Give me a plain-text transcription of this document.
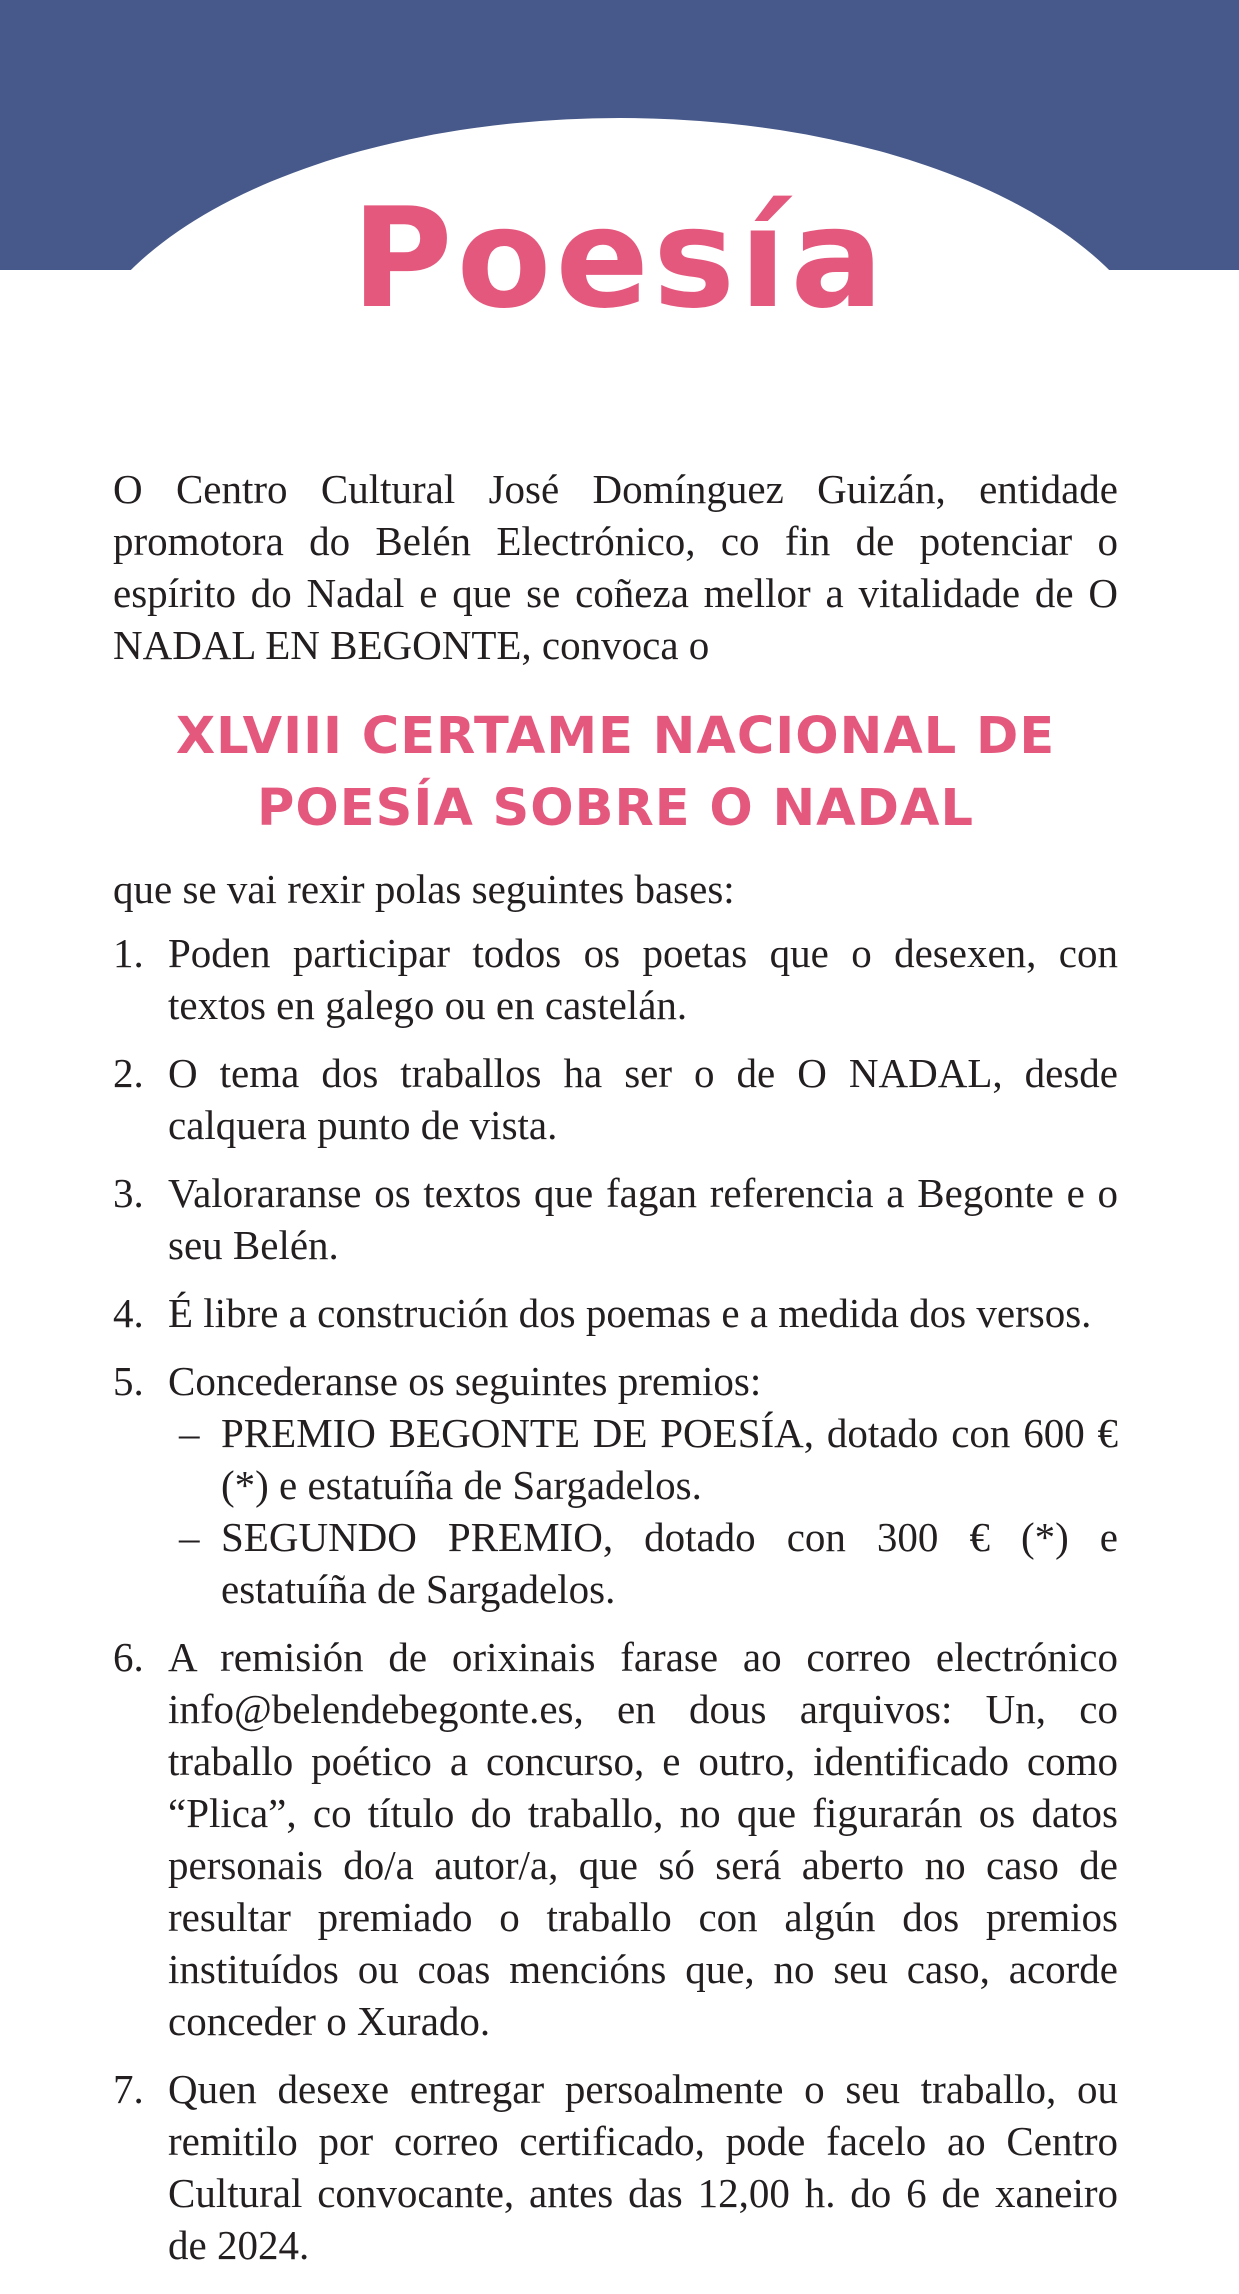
Poesía

O Centro Cultural José Domínguez Guizán, entidade promotora do Belén Electrónico, co fin de potenciar o espírito do Nadal e que se coñeza mellor a vitalidade de O NADAL EN BEGONTE, convoca o

XLVIII CERTAME NACIONAL DE
POESÍA SOBRE O NADAL

que se vai rexir polas seguintes bases:

1. Poden participar todos os poetas que o desexen, con textos en galego ou en castelán.
2. O tema dos traballos ha ser o de O NADAL, desde calquera punto de vista.
3. Valoraranse os textos que fagan referencia a Begonte e o seu Belén.
4. É libre a construción dos poemas e a medida dos versos.
5. Concederanse os seguintes premios:
– PREMIO BEGONTE DE POESÍA, dotado con 600 € (*) e estatuíña de Sargadelos.
– SEGUNDO PREMIO, dotado con 300 € (*) e estatuíña de Sargadelos.
6. A remisión de orixinais farase ao correo electrónico info@belendebegonte.es, en dous arquivos: Un, co traballo poético a concurso, e outro, identificado como “Plica”, co título do traballo, no que figurarán os datos personais do/a autor/a, que só será aberto no caso de resultar premiado o traballo con algún dos premios instituídos ou coas mencións que, no seu caso, acorde conceder o Xurado.
7. Quen desexe entregar persoalmente o seu traballo, ou remitilo por correo certificado, pode facelo ao Centro Cultural convocante, antes das 12,00 h. do 6 de xaneiro de 2024.
